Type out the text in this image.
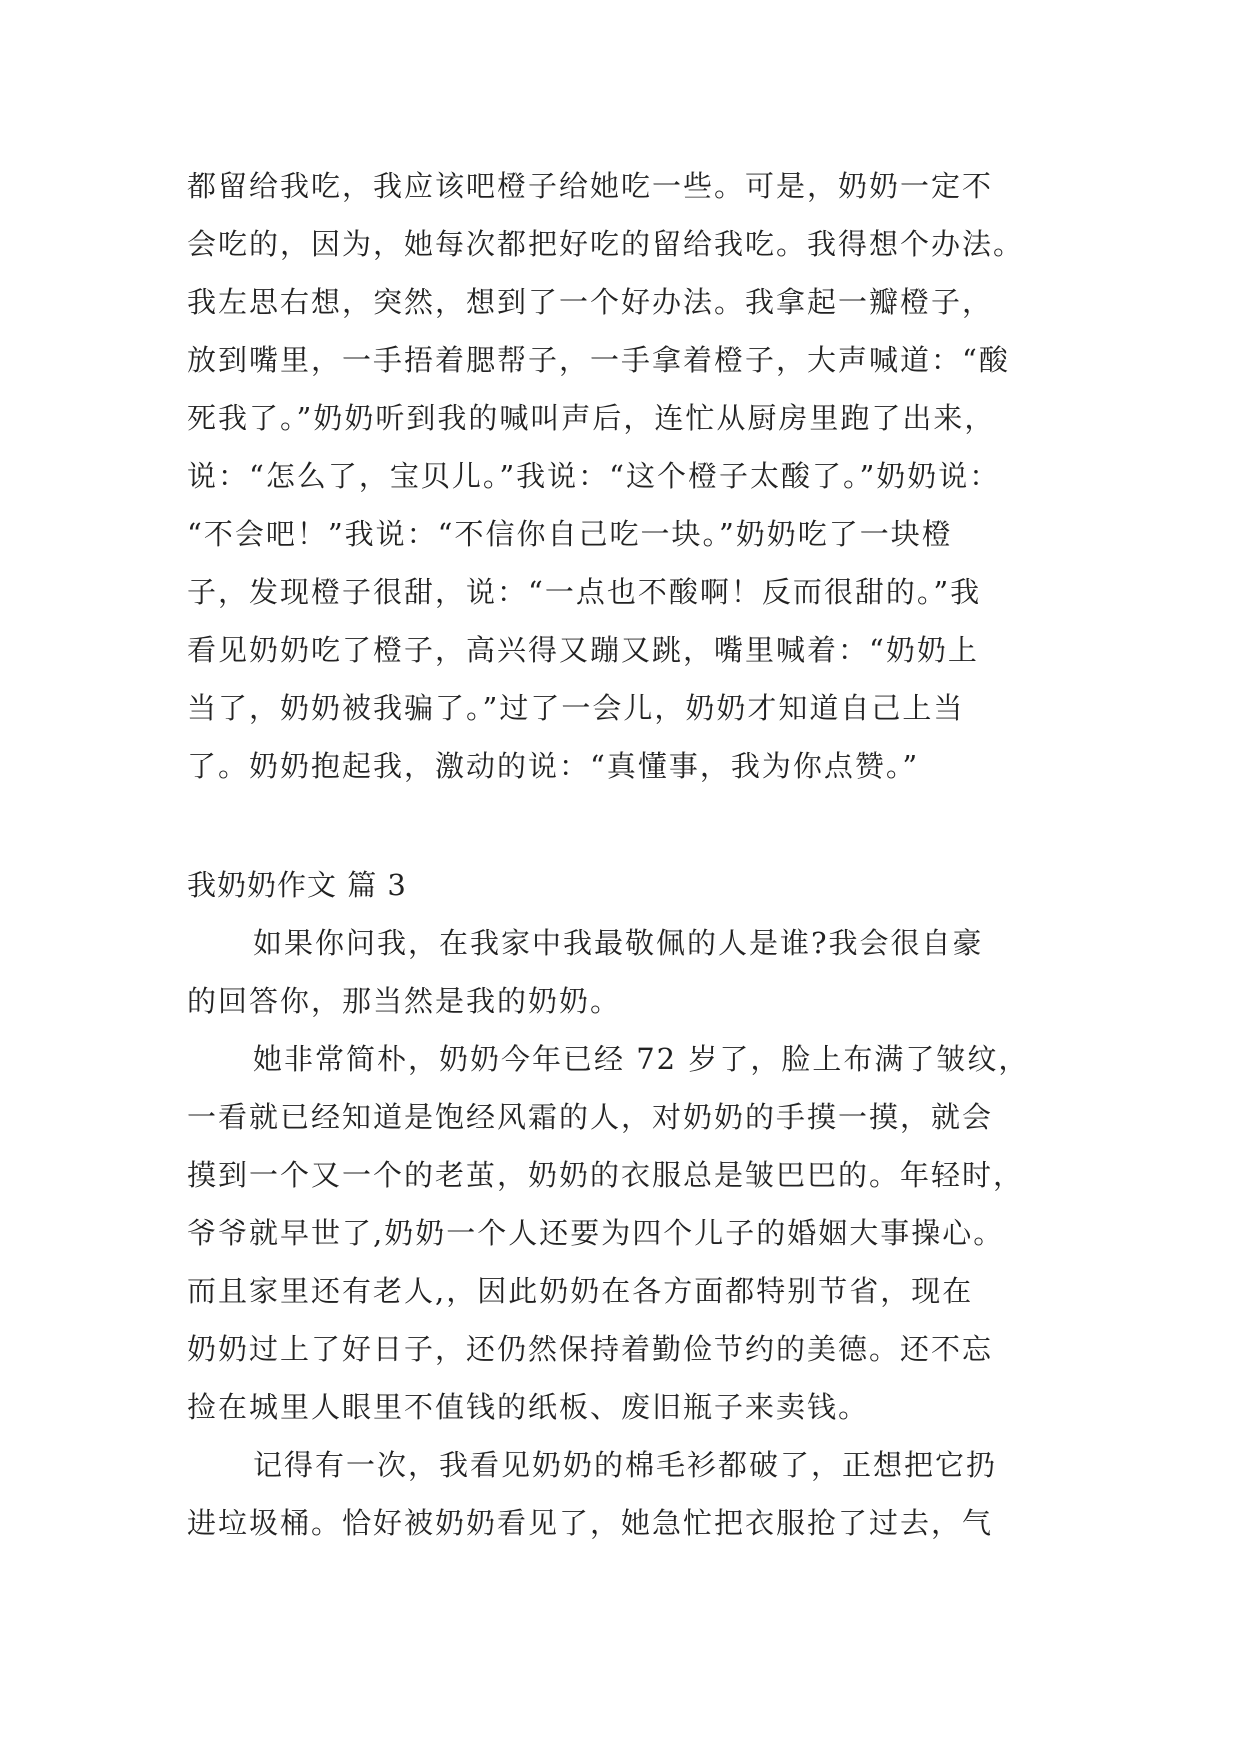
都留给我吃，我应该吧橙子给她吃一些。可是，奶奶一定不
会吃的，因为，她每次都把好吃的留给我吃。我得想个办法。
我左思右想，突然，想到了一个好办法。我拿起一瓣橙子，
放到嘴里，一手捂着腮帮子，一手拿着橙子，大声喊道：“酸
死我了。”奶奶听到我的喊叫声后，连忙从厨房里跑了出来，
说：“怎么了，宝贝儿。”我说：“这个橙子太酸了。”奶奶说：
“不会吧！”我说：“不信你自己吃一块。”奶奶吃了一块橙
子，发现橙子很甜，说：“一点也不酸啊！反而很甜的。”我
看见奶奶吃了橙子，高兴得又蹦又跳，嘴里喊着：“奶奶上
当了，奶奶被我骗了。”过了一会儿，奶奶才知道自己上当
了。奶奶抱起我，激动的说：“真懂事，我为你点赞。”
我奶奶作文 篇 3
如果你问我，在我家中我最敬佩的人是谁?我会很自豪
的回答你，那当然是我的奶奶。
她非常简朴，奶奶今年已经 72 岁了，脸上布满了皱纹，
一看就已经知道是饱经风霜的人，对奶奶的手摸一摸，就会
摸到一个又一个的老茧，奶奶的衣服总是皱巴巴的。年轻时，
爷爷就早世了,奶奶一个人还要为四个儿子的婚姻大事操心。
而且家里还有老人,，因此奶奶在各方面都特别节省，现在
奶奶过上了好日子，还仍然保持着勤俭节约的美德。还不忘
捡在城里人眼里不值钱的纸板、废旧瓶子来卖钱。
记得有一次，我看见奶奶的棉毛衫都破了，正想把它扔
进垃圾桶。恰好被奶奶看见了，她急忙把衣服抢了过去，气
